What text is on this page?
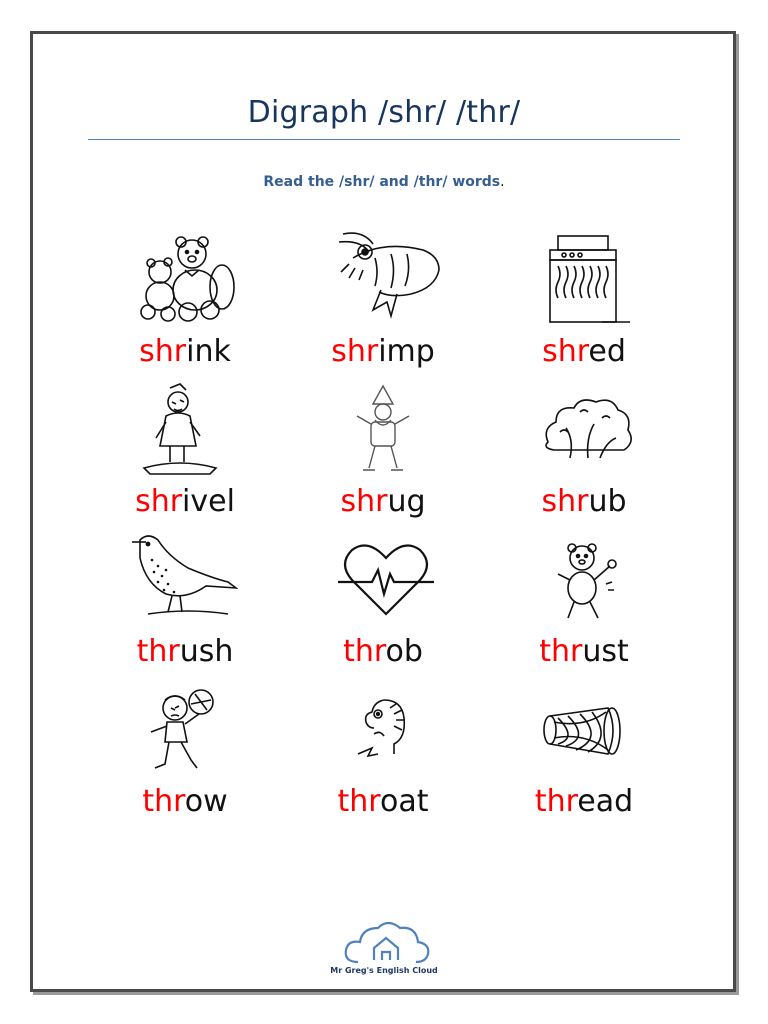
Digraph /shr/ /thr/
Read the /shr/ and /thr/ words.
shrink	shrimp	shred
shrivel	shrug	shrub
thrush	throb	thrust
throw	throat	thread
Mr Greg's English Cloud
